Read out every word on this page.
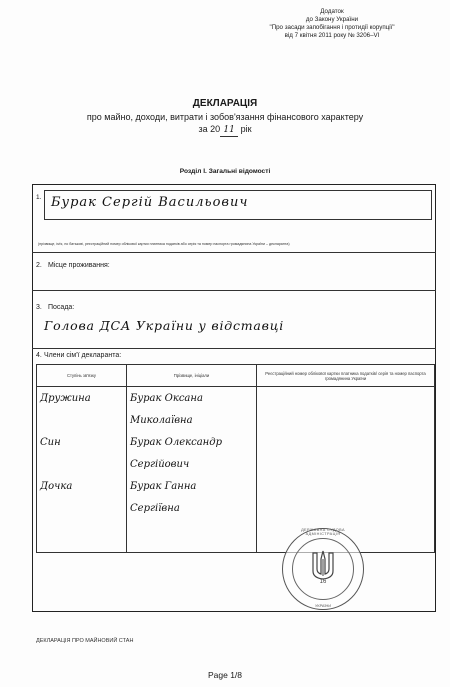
Додаток
до Закону України
"Про засади запобігання і протидії корупції"
від 7 квітня 2011 року № 3206–VI
ДЕКЛАРАЦІЯ
про майно, доходи, витрати і зобов'язання фінансового характеру
за 20 11 рік
Розділ І. Загальні відомості
1. Бурак Сергій Васильович
(прізвище, ім'я, по батькові, реєстраційний номер облікової картки платника податків або серія та номер паспорта громадянина України – декларанта)
2. Місце проживання:
3. Посада:
Голова ДСА України у відставці
4. Члени сім'ї декларанта:
Ступінь зв'язку	Прізвище, ініціали	Реєстраційний номер облікової картки платника податків/ серія та номер паспорта громадянина України
Дружина	Бурак Оксана	
	Миколаївна	
Син	Бурак Олександр	
	Сергійович	
Дочка	Бурак Ганна	
	Сергіївна	

ДЕРЖАВНА СУДОВА АДМІНІСТРАЦІЯ
16
УКРАЇНИ
ДЕКЛАРАЦІЯ ПРО МАЙНОВИЙ СТАН
Page 1/8
